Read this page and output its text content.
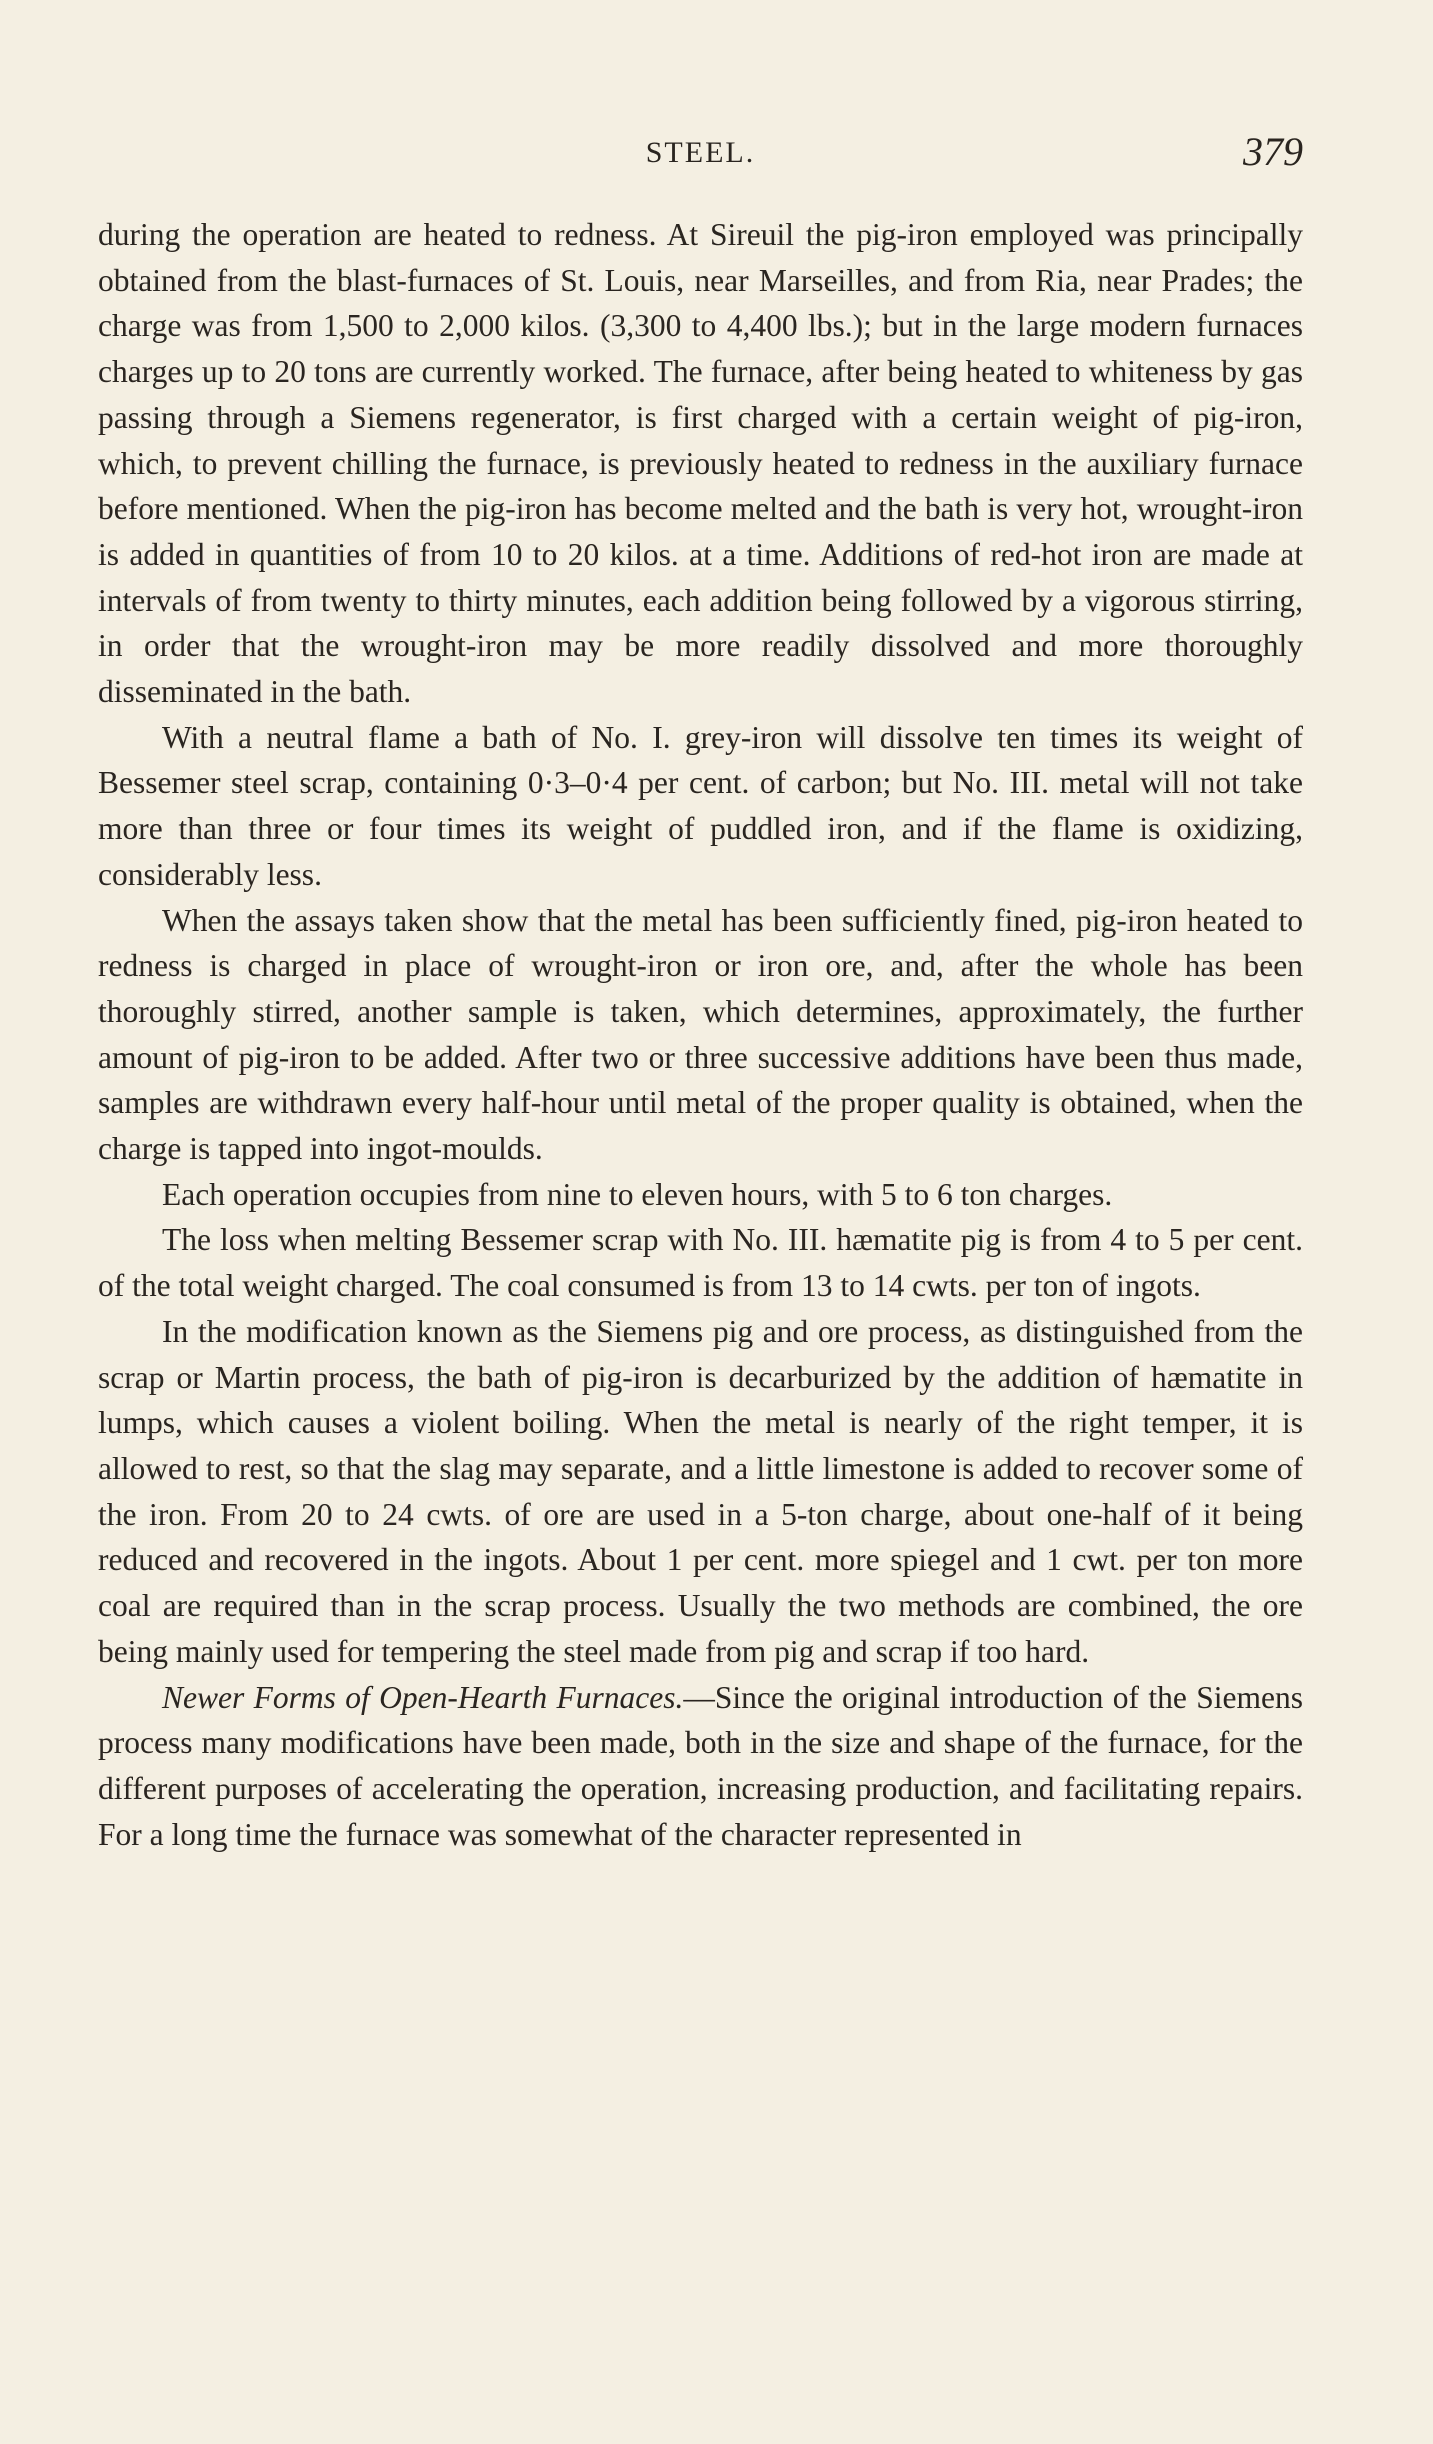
STEEL.	379

during the operation are heated to redness. At Sireuil the pig-iron employed was principally obtained from the blast-furnaces of St. Louis, near Marseilles, and from Ria, near Prades; the charge was from 1,500 to 2,000 kilos. (3,300 to 4,400 lbs.); but in the large modern furnaces charges up to 20 tons are currently worked. The furnace, after being heated to whiteness by gas passing through a Siemens regenerator, is first charged with a certain weight of pig-iron, which, to prevent chilling the furnace, is previously heated to redness in the auxiliary furnace before mentioned. When the pig-iron has become melted and the bath is very hot, wrought-iron is added in quantities of from 10 to 20 kilos. at a time. Additions of red-hot iron are made at intervals of from twenty to thirty minutes, each addition being followed by a vigorous stirring, in order that the wrought-iron may be more readily dissolved and more thoroughly disseminated in the bath.

With a neutral flame a bath of No. I. grey-iron will dissolve ten times its weight of Bessemer steel scrap, containing 0·3–0·4 per cent. of carbon; but No. III. metal will not take more than three or four times its weight of puddled iron, and if the flame is oxidizing, considerably less.

When the assays taken show that the metal has been sufficiently fined, pig-iron heated to redness is charged in place of wrought-iron or iron ore, and, after the whole has been thoroughly stirred, another sample is taken, which determines, approximately, the further amount of pig-iron to be added. After two or three successive additions have been thus made, samples are withdrawn every half-hour until metal of the proper quality is obtained, when the charge is tapped into ingot-moulds.

Each operation occupies from nine to eleven hours, with 5 to 6 ton charges.

The loss when melting Bessemer scrap with No. III. hæmatite pig is from 4 to 5 per cent. of the total weight charged. The coal consumed is from 13 to 14 cwts. per ton of ingots.

In the modification known as the Siemens pig and ore process, as distinguished from the scrap or Martin process, the bath of pig-iron is decarburized by the addition of hæmatite in lumps, which causes a violent boiling. When the metal is nearly of the right temper, it is allowed to rest, so that the slag may separate, and a little limestone is added to recover some of the iron. From 20 to 24 cwts. of ore are used in a 5-ton charge, about one-half of it being reduced and recovered in the ingots. About 1 per cent. more spiegel and 1 cwt. per ton more coal are required than in the scrap process. Usually the two methods are combined, the ore being mainly used for tempering the steel made from pig and scrap if too hard.

Newer Forms of Open-Hearth Furnaces.—Since the original introduction of the Siemens process many modifications have been made, both in the size and shape of the furnace, for the different purposes of accelerating the operation, increasing production, and facilitating repairs. For a long time the furnace was somewhat of the character represented in
